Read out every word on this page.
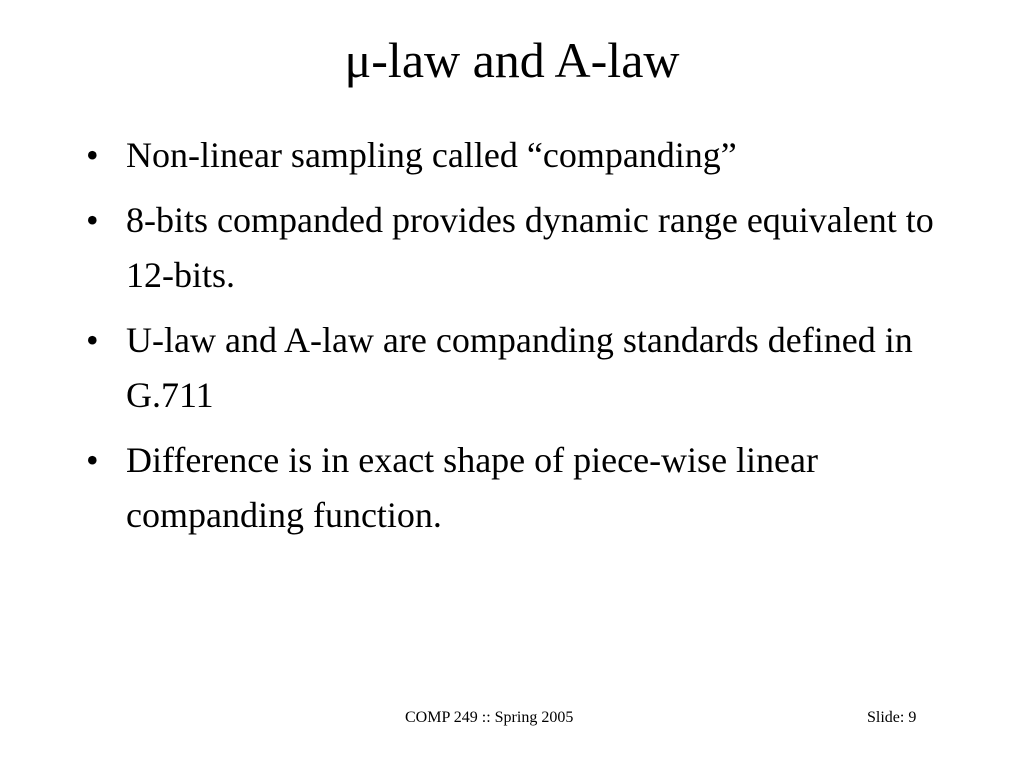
μ-law and A-law
• Non-linear sampling called “companding”
• 8-bits companded provides dynamic range equivalent to 12-bits.
• U-law and A-law are companding standards defined in G.711
• Difference is in exact shape of piece-wise linear companding function.
COMP 249 :: Spring 2005	Slide: 9
